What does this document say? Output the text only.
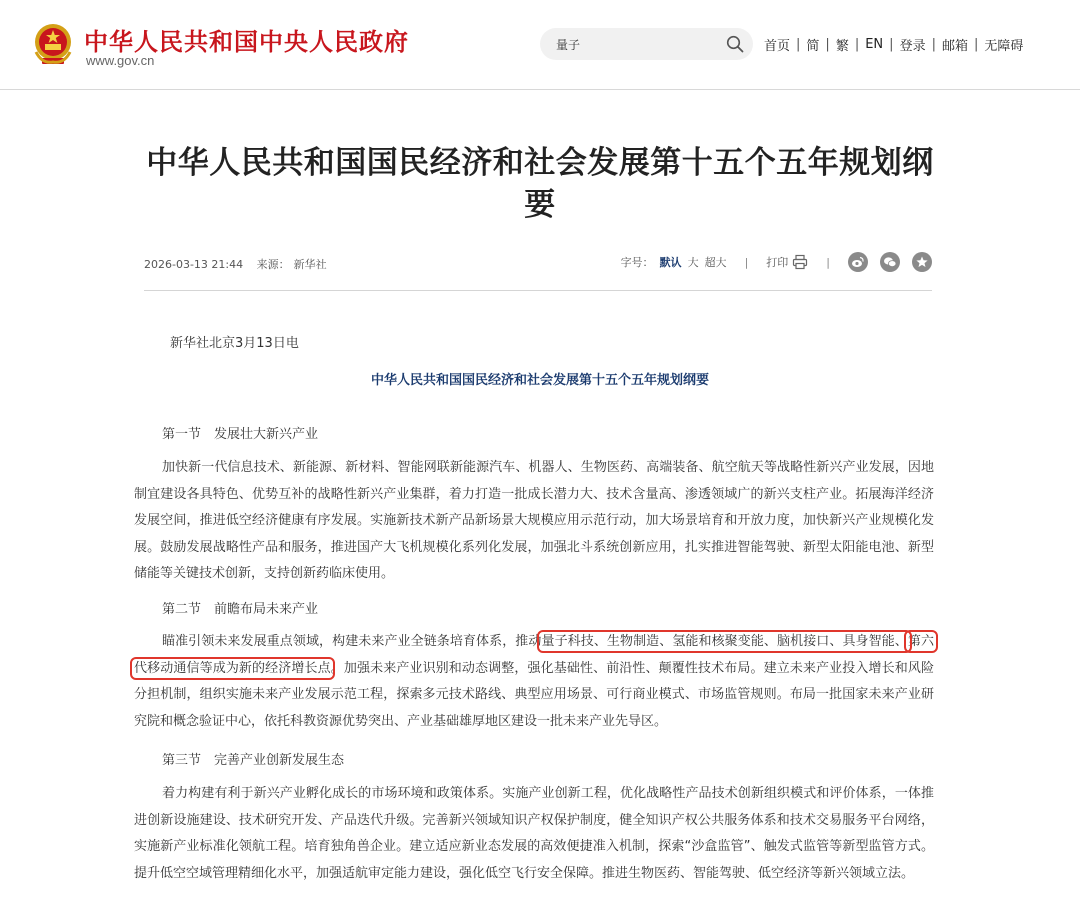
中华人民共和国中央人民政府
www.gov.cn
量子
首页 | 简 | 繁 | EN | 登录 | 邮箱 | 无障碍
中华人民共和国国民经济和社会发展第十五个五年规划纲要
2026-03-13 21:44 来源： 新华社	字号： 默认 大 超大 | 打印	|
新华社北京3月13日电
中华人民共和国国民经济和社会发展第十五个五年规划纲要
第一节　发展壮大新兴产业

加快新一代信息技术、新能源、新材料、智能网联新能源汽车、机器人、生物医药、高端装备、航空航天等战略性新兴产业发展，因地制宜建设各具特色、优势互补的战略性新兴产业集群，着力打造一批成长潜力大、技术含量高、渗透领域广的新兴支柱产业。拓展海洋经济发展空间，推进低空经济健康有序发展。实施新技术新产品新场景大规模应用示范行动，加大场景培育和开放力度，加快新兴产业规模化发展。鼓励发展战略性产品和服务，推进国产大飞机规模化系列化发展，加强北斗系统创新应用，扎实推进智能驾驶、新型太阳能电池、新型储能等关键技术创新，支持创新药临床使用。

第二节　前瞻布局未来产业

瞄准引领未来发展重点领域，构建未来产业全链条培育体系，推动量子科技、生物制造、氢能和核聚变能、脑机接口、具身智能、第六代移动通信等成为新的经济增长点。加强未来产业识别和动态调整，强化基础性、前沿性、颠覆性技术布局。建立未来产业投入增长和风险分担机制，组织实施未来产业发展示范工程，探索多元技术路线、典型应用场景、可行商业模式、市场监管规则。布局一批国家未来产业研究院和概念验证中心，依托科教资源优势突出、产业基础雄厚地区建设一批未来产业先导区。

第三节　完善产业创新发展生态

着力构建有利于新兴产业孵化成长的市场环境和政策体系。实施产业创新工程，优化战略性产品技术创新组织模式和评价体系，一体推进创新设施建设、技术研究开发、产品迭代升级。完善新兴领域知识产权保护制度，健全知识产权公共服务体系和技术交易服务平台网络，实施新产业标准化领航工程。培育独角兽企业。建立适应新业态发展的高效便捷准入机制，探索“沙盒监管”、触发式监管等新型监管方式。提升低空空域管理精细化水平，加强适航审定能力建设，强化低空飞行安全保障。推进生物医药、智能驾驶、低空经济等新兴领域立法。
